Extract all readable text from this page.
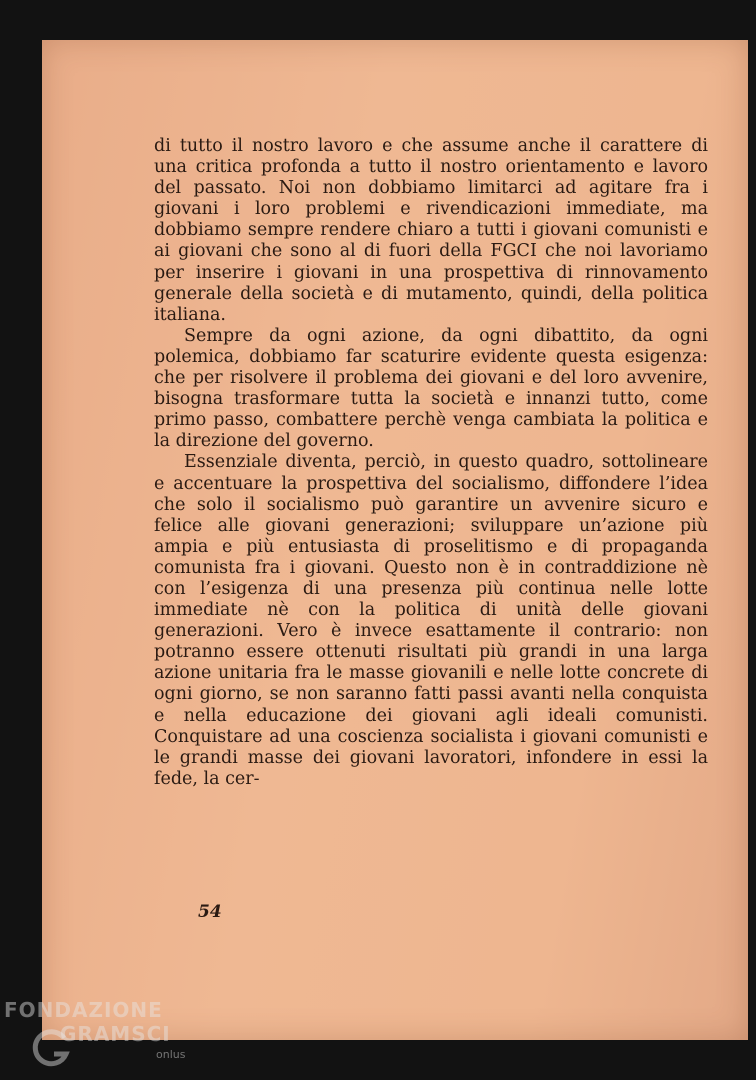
di tutto il nostro lavoro e che assume anche il carattere di una critica profonda a tutto il nostro orientamento e lavoro del passato. Noi non dobbiamo limitarci ad agitare fra i giovani i loro problemi e rivendicazioni immediate, ma dobbiamo sempre rendere chiaro a tutti i giovani comunisti e ai giovani che sono al di fuori della FGCI che noi lavoriamo per inserire i giovani in una prospettiva di rinnovamento generale della società e di mutamento, quindi, della politica italiana.

Sempre da ogni azione, da ogni dibattito, da ogni polemica, dobbiamo far scaturire evidente questa esigenza: che per risolvere il problema dei giovani e del loro avvenire, bisogna trasformare tutta la società e innanzi tutto, come primo passo, combattere perchè venga cambiata la politica e la direzione del governo.

Essenziale diventa, perciò, in questo quadro, sottolineare e accentuare la prospettiva del socialismo, diffondere l’idea che solo il socialismo può garantire un avvenire sicuro e felice alle giovani generazioni; sviluppare un’azione più ampia e più entusiasta di proselitismo e di propaganda comunista fra i giovani. Questo non è in contraddizione nè con l’esigenza di una presenza più continua nelle lotte immediate nè con la politica di unità delle giovani generazioni. Vero è invece esattamente il contrario: non potranno essere ottenuti risultati più grandi in una larga azione unitaria fra le masse giovanili e nelle lotte concrete di ogni giorno, se non saranno fatti passi avanti nella conquista e nella educazione dei giovani agli ideali comunisti. Conquistare ad una coscienza socialista i giovani comunisti e le grandi masse dei giovani lavoratori, infondere in essi la fede, la cer-

54
FONDAZIONE
GRAMSCI
onlus
